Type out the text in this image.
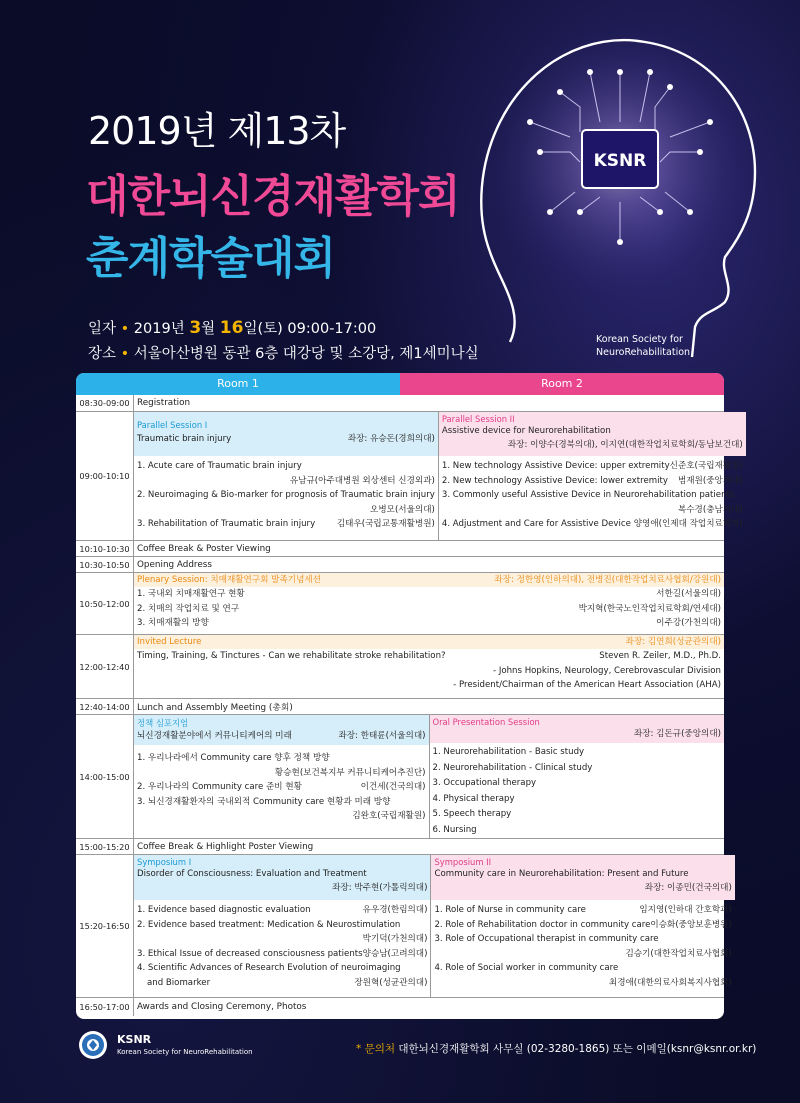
KSNR
Korean Society for
NeuroRehabilitation
2019년 제13차
대한뇌신경재활학회
춘계학술대회
일자 • 2019년 3월 16일(토) 09:00-17:00
장소 • 서울아산병원 동관 6층 대강당 및 소강당, 제1세미나실
Room 1	Room 2
08:30-09:00 Registration
09:00-10:10
Parallel Session I
Traumatic brain injury	좌장: 유승돈(경희의대)
1. Acute care of Traumatic brain injury
유남규(아주대병원 외상센터 신경외과)
2. Neuroimaging & Bio-marker for prognosis of Traumatic brain injury
오병모(서울의대)
3. Rehabilitation of Traumatic brain injury	김태우(국립교통재활병원)
Parallel Session II
Assistive device for Neurorehabilitation
좌장: 이양수(경북의대), 이지연(대한작업치료학회/동남보건대)
1. New technology Assistive Device: upper extremity 신준호(국립재활원)
2. New technology Assistive Device: lower extremity 범재원(중앙의대)
3. Commonly useful Assistive Device in Neurorehabilitation patients
복수경(충남의대)
4. Adjustment and Care for Assistive Device 양영애(인제대 작업치료학과)
10:10-10:30 Coffee Break & Poster Viewing
10:30-10:50 Opening Address
10:50-12:00
Plenary Session: 치매재활연구회 발족기념세션	좌장: 정한영(인하의대), 전병진(대한작업치료사협회/강원대)
1. 국내외 치매재활연구 현황	서한길(서울의대)
2. 치매의 작업치료 및 연구	박지혁(한국노인작업치료학회/연세대)
3. 치매재활의 방향	이주강(가천의대)
12:00-12:40
Invited Lecture	좌장: 김연희(성균관의대)
Timing, Training, & Tinctures - Can we rehabilitate stroke rehabilitation?	Steven R. Zeiler, M.D., Ph.D.
- Johns Hopkins, Neurology, Cerebrovascular Division
- President/Chairman of the American Heart Association (AHA)
12:40-14:00 Lunch and Assembly Meeting (총회)
14:00-15:00
정책 심포지엄
뇌신경재활분야에서 커뮤니티케어의 미래	좌장: 한태륜(서울의대)
1. 우리나라에서 Community care 향후 정책 방향
황승현(보건복지부 커뮤니티케어추진단)
2. 우리나라의 Community care 준비 현황	이건세(건국의대)
3. 뇌신경재활환자의 국내외적 Community care 현황과 미래 방향
김완호(국립재활원)
Oral Presentation Session
좌장: 김돈규(중앙의대)
1. Neurorehabilitation - Basic study
2. Neurorehabilitation - Clinical study
3. Occupational therapy
4. Physical therapy
5. Speech therapy
6. Nursing
15:00-15:20 Coffee Break & Highlight Poster Viewing
15:20-16:50
Symposium I
Disorder of Consciousness: Evaluation and Treatment
좌장: 박주현(가톨릭의대)
1. Evidence based diagnostic evaluation	유우경(한림의대)
2. Evidence based treatment: Medication & Neurostimulation
박기덕(가천의대)
3. Ethical Issue of decreased consciousness patients 양승남(고려의대)
4. Scientific Advances of Research Evolution of neuroimaging
and Biomarker	장원혁(성균관의대)
Symposium II
Community care in Neurorehabilitation: Present and Future
좌장: 이종민(건국의대)
1. Role of Nurse in community care	임지영(인하대 간호학과)
2. Role of Rehabilitation doctor in community care 이승화(중앙보훈병원)
3. Role of Occupational therapist in community care
김승기(대한작업치료사협회)
4. Role of Social worker in community care
최경애(대한의료사회복지사협회)
16:50-17:00 Awards and Closing Ceremony, Photos
KSNR
Korean Society for NeuroRehabilitation	* 문의처 대한뇌신경재활학회 사무실 (02-3280-1865) 또는 이메일(ksnr@ksnr.or.kr)
